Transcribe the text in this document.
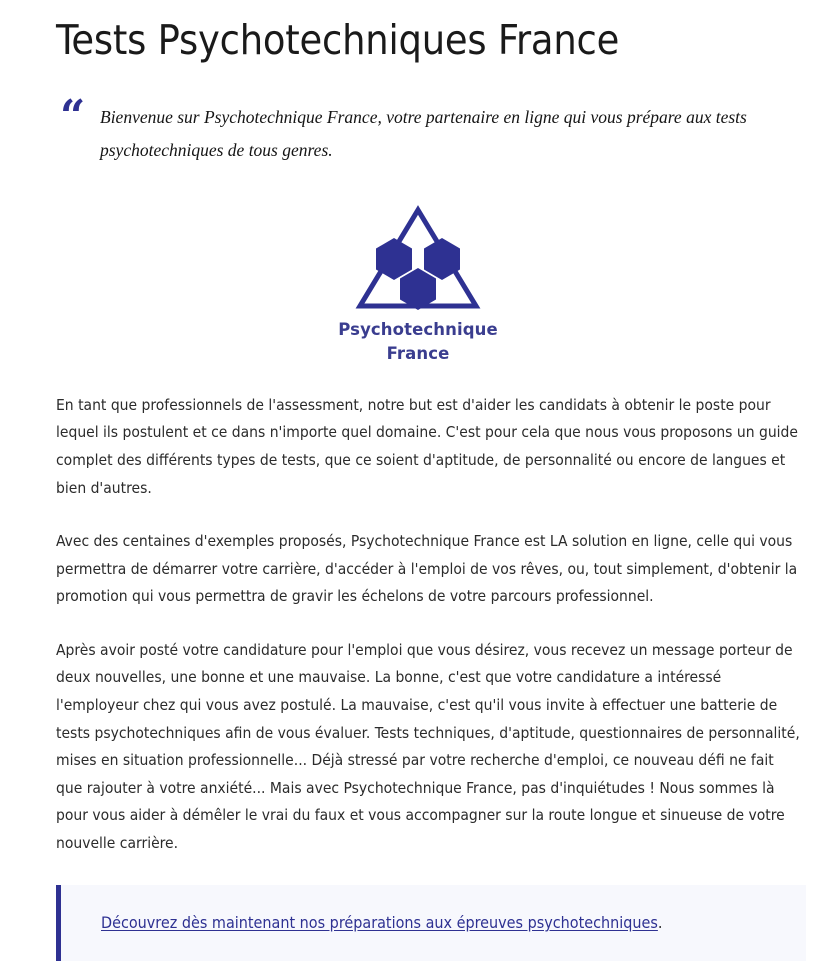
Tests Psychotechniques France
“ Bienvenue sur Psychotechnique France, votre partenaire en ligne qui vous prépare aux tests psychotechniques de tous genres.

Psychotechnique
France

En tant que professionnels de l'assessment, notre but est d'aider les candidats à obtenir le poste pour lequel ils postulent et ce dans n'importe quel domaine. C'est pour cela que nous vous proposons un guide complet des différents types de tests, que ce soient d'aptitude, de personnalité ou encore de langues et bien d'autres.

Avec des centaines d'exemples proposés, Psychotechnique France est LA solution en ligne, celle qui vous permettra de démarrer votre carrière, d'accéder à l'emploi de vos rêves, ou, tout simplement, d'obtenir la promotion qui vous permettra de gravir les échelons de votre parcours professionnel.

Après avoir posté votre candidature pour l'emploi que vous désirez, vous recevez un message porteur de deux nouvelles, une bonne et une mauvaise. La bonne, c'est que votre candidature a intéressé l'employeur chez qui vous avez postulé. La mauvaise, c'est qu'il vous invite à effectuer une batterie de tests psychotechniques afin de vous évaluer. Tests techniques, d'aptitude, questionnaires de personnalité, mises en situation professionnelle... Déjà stressé par votre recherche d'emploi, ce nouveau défi ne fait que rajouter à votre anxiété... Mais avec Psychotechnique France, pas d'inquiétudes ! Nous sommes là pour vous aider à démêler le vrai du faux et vous accompagner sur la route longue et sinueuse de votre nouvelle carrière.

Découvrez dès maintenant nos préparations aux épreuves psychotechniques.
